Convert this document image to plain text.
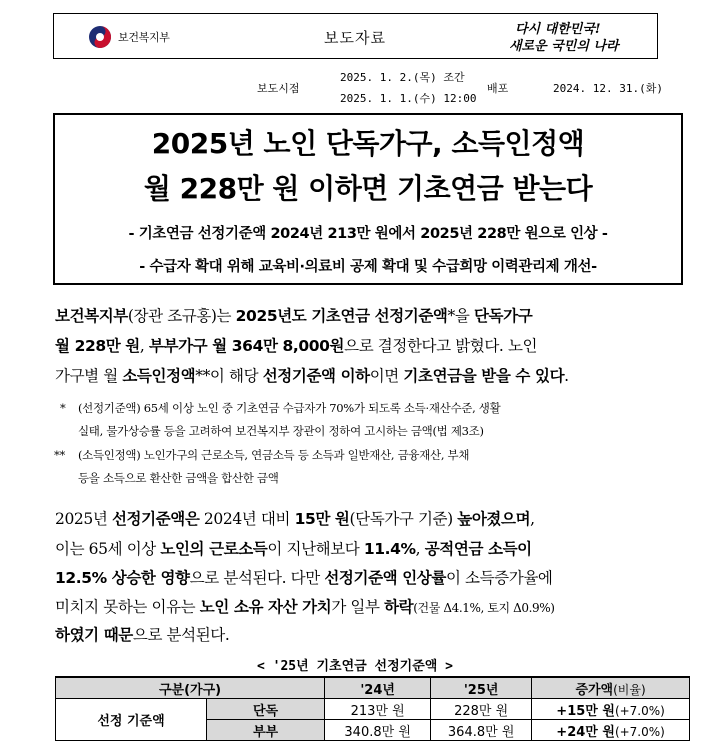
보건복지부	보도자료	다시 대한민국!
새로운 국민의 나라
보도시점
2025. 1. 2.(목) 조간
2025. 1. 1.(수) 12:00
배포	2024. 12. 31.(화)
2025년 노인 단독가구, 소득인정액
월 228만 원 이하면 기초연금 받는다
- 기초연금 선정기준액 2024년 213만 원에서 2025년 228만 원으로 인상 -
- 수급자 확대 위해 교육비·의료비 공제 확대 및 수급희망 이력관리제 개선-
보건복지부(장관 조규홍)는 2025년도 기초연금 선정기준액*을 단독가구
월 228만 원, 부부가구 월 364만 8,000원으로 결정한다고 밝혔다. 노인
가구별 월 소득인정액**이 해당 선정기준액 이하이면 기초연금을 받을 수 있다.
* (선정기준액) 65세 이상 노인 중 기초연금 수급자가 70%가 되도록 소득·재산수준, 생활
실태, 물가상승률 등을 고려하여 보건복지부 장관이 정하여 고시하는 금액(법 제3조)
** (소득인정액) 노인가구의 근로소득, 연금소득 등 소득과 일반재산, 금융재산, 부채
등을 소득으로 환산한 금액을 합산한 금액
2025년 선정기준액은 2024년 대비 15만 원(단독가구 기준) 높아졌으며,
이는 65세 이상 노인의 근로소득이 지난해보다 11.4%, 공적연금 소득이
12.5% 상승한 영향으로 분석된다. 다만 선정기준액 인상률이 소득증가율에
미치지 못하는 이유는 노인 소유 자산 가치가 일부 하락(건물 Δ4.1%, 토지 Δ0.9%)
하였기 때문으로 분석된다.
< '25년 기초연금 선정기준액 >
구분(가구)		'24년	'25년	증가액(비율)
선정 기준액	단독	213만 원	228만 원	+15만 원(+7.0%)
	부부	340.8만 원	364.8만 원	+24만 원(+7.0%)
